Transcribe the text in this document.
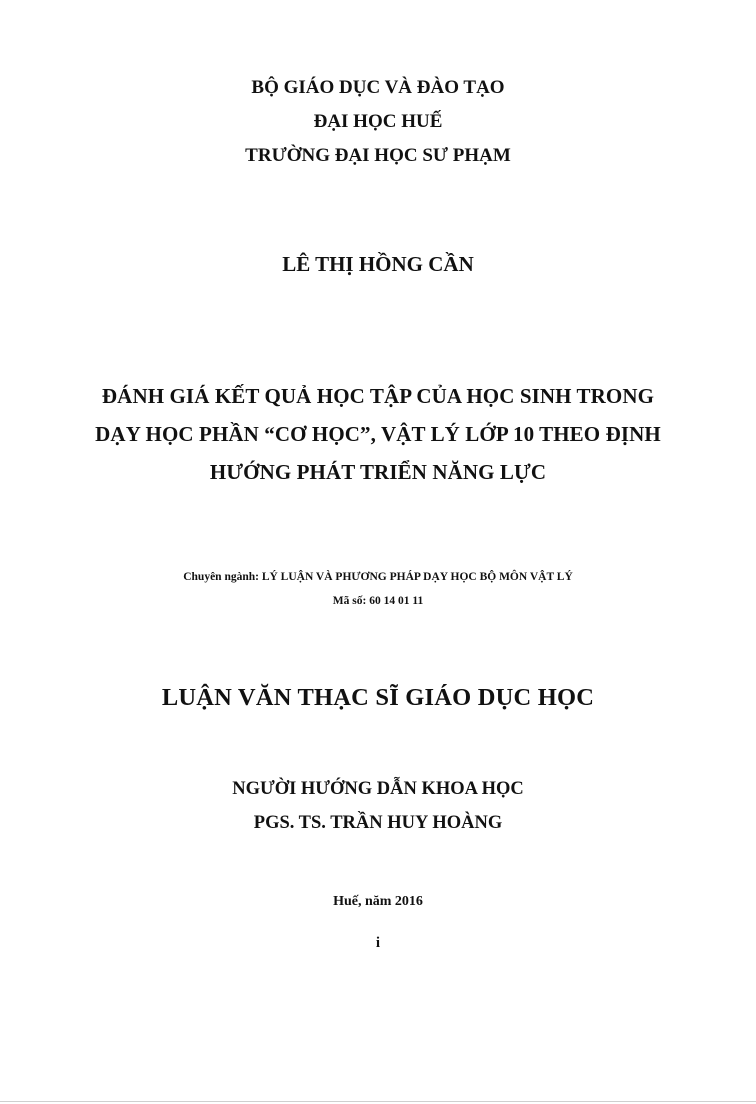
BỘ GIÁO DỤC VÀ ĐÀO TẠO
ĐẠI HỌC HUẾ
TRƯỜNG ĐẠI HỌC SƯ PHẠM
LÊ THỊ HỒNG CẦN
ĐÁNH GIÁ KẾT QUẢ HỌC TẬP CỦA HỌC SINH TRONG
DẠY HỌC PHẦN “CƠ HỌC”, VẬT LÝ LỚP 10 THEO ĐỊNH
HƯỚNG PHÁT TRIỂN NĂNG LỰC
Chuyên ngành: LÝ LUẬN VÀ PHƯƠNG PHÁP DẠY HỌC BỘ MÔN VẬT LÝ
Mã số: 60 14 01 11
LUẬN VĂN THẠC SĨ GIÁO DỤC HỌC
NGƯỜI HƯỚNG DẪN KHOA HỌC
PGS. TS. TRẦN HUY HOÀNG
Huế, năm 2016
i
